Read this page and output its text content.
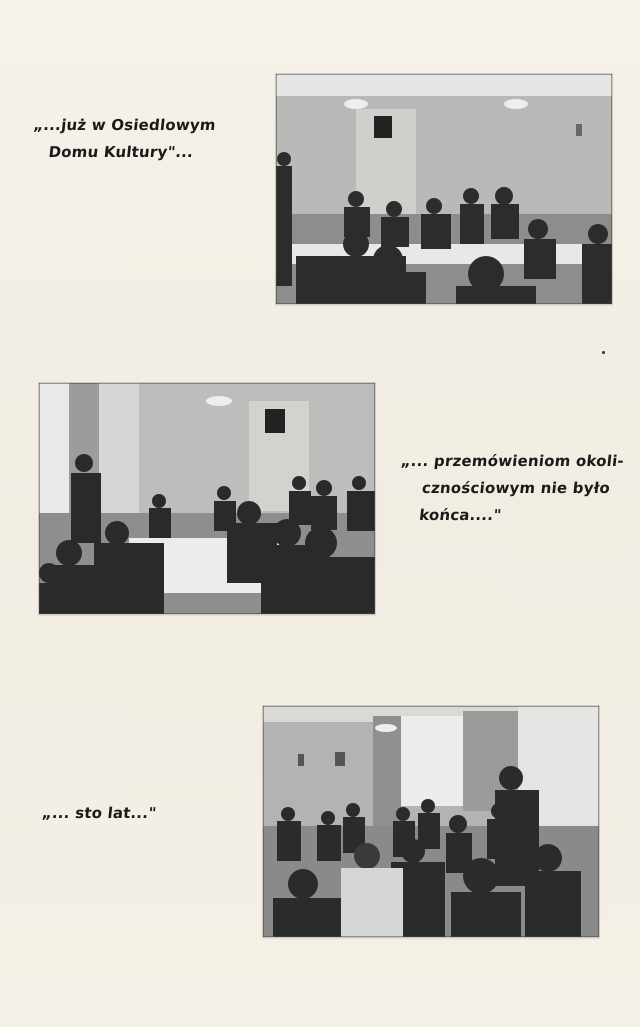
„...już w Osiedlowym
Domu Kultury"...
„... przemówieniom okoli-
cznościowym nie było
końca...."
„... sto lat..."
